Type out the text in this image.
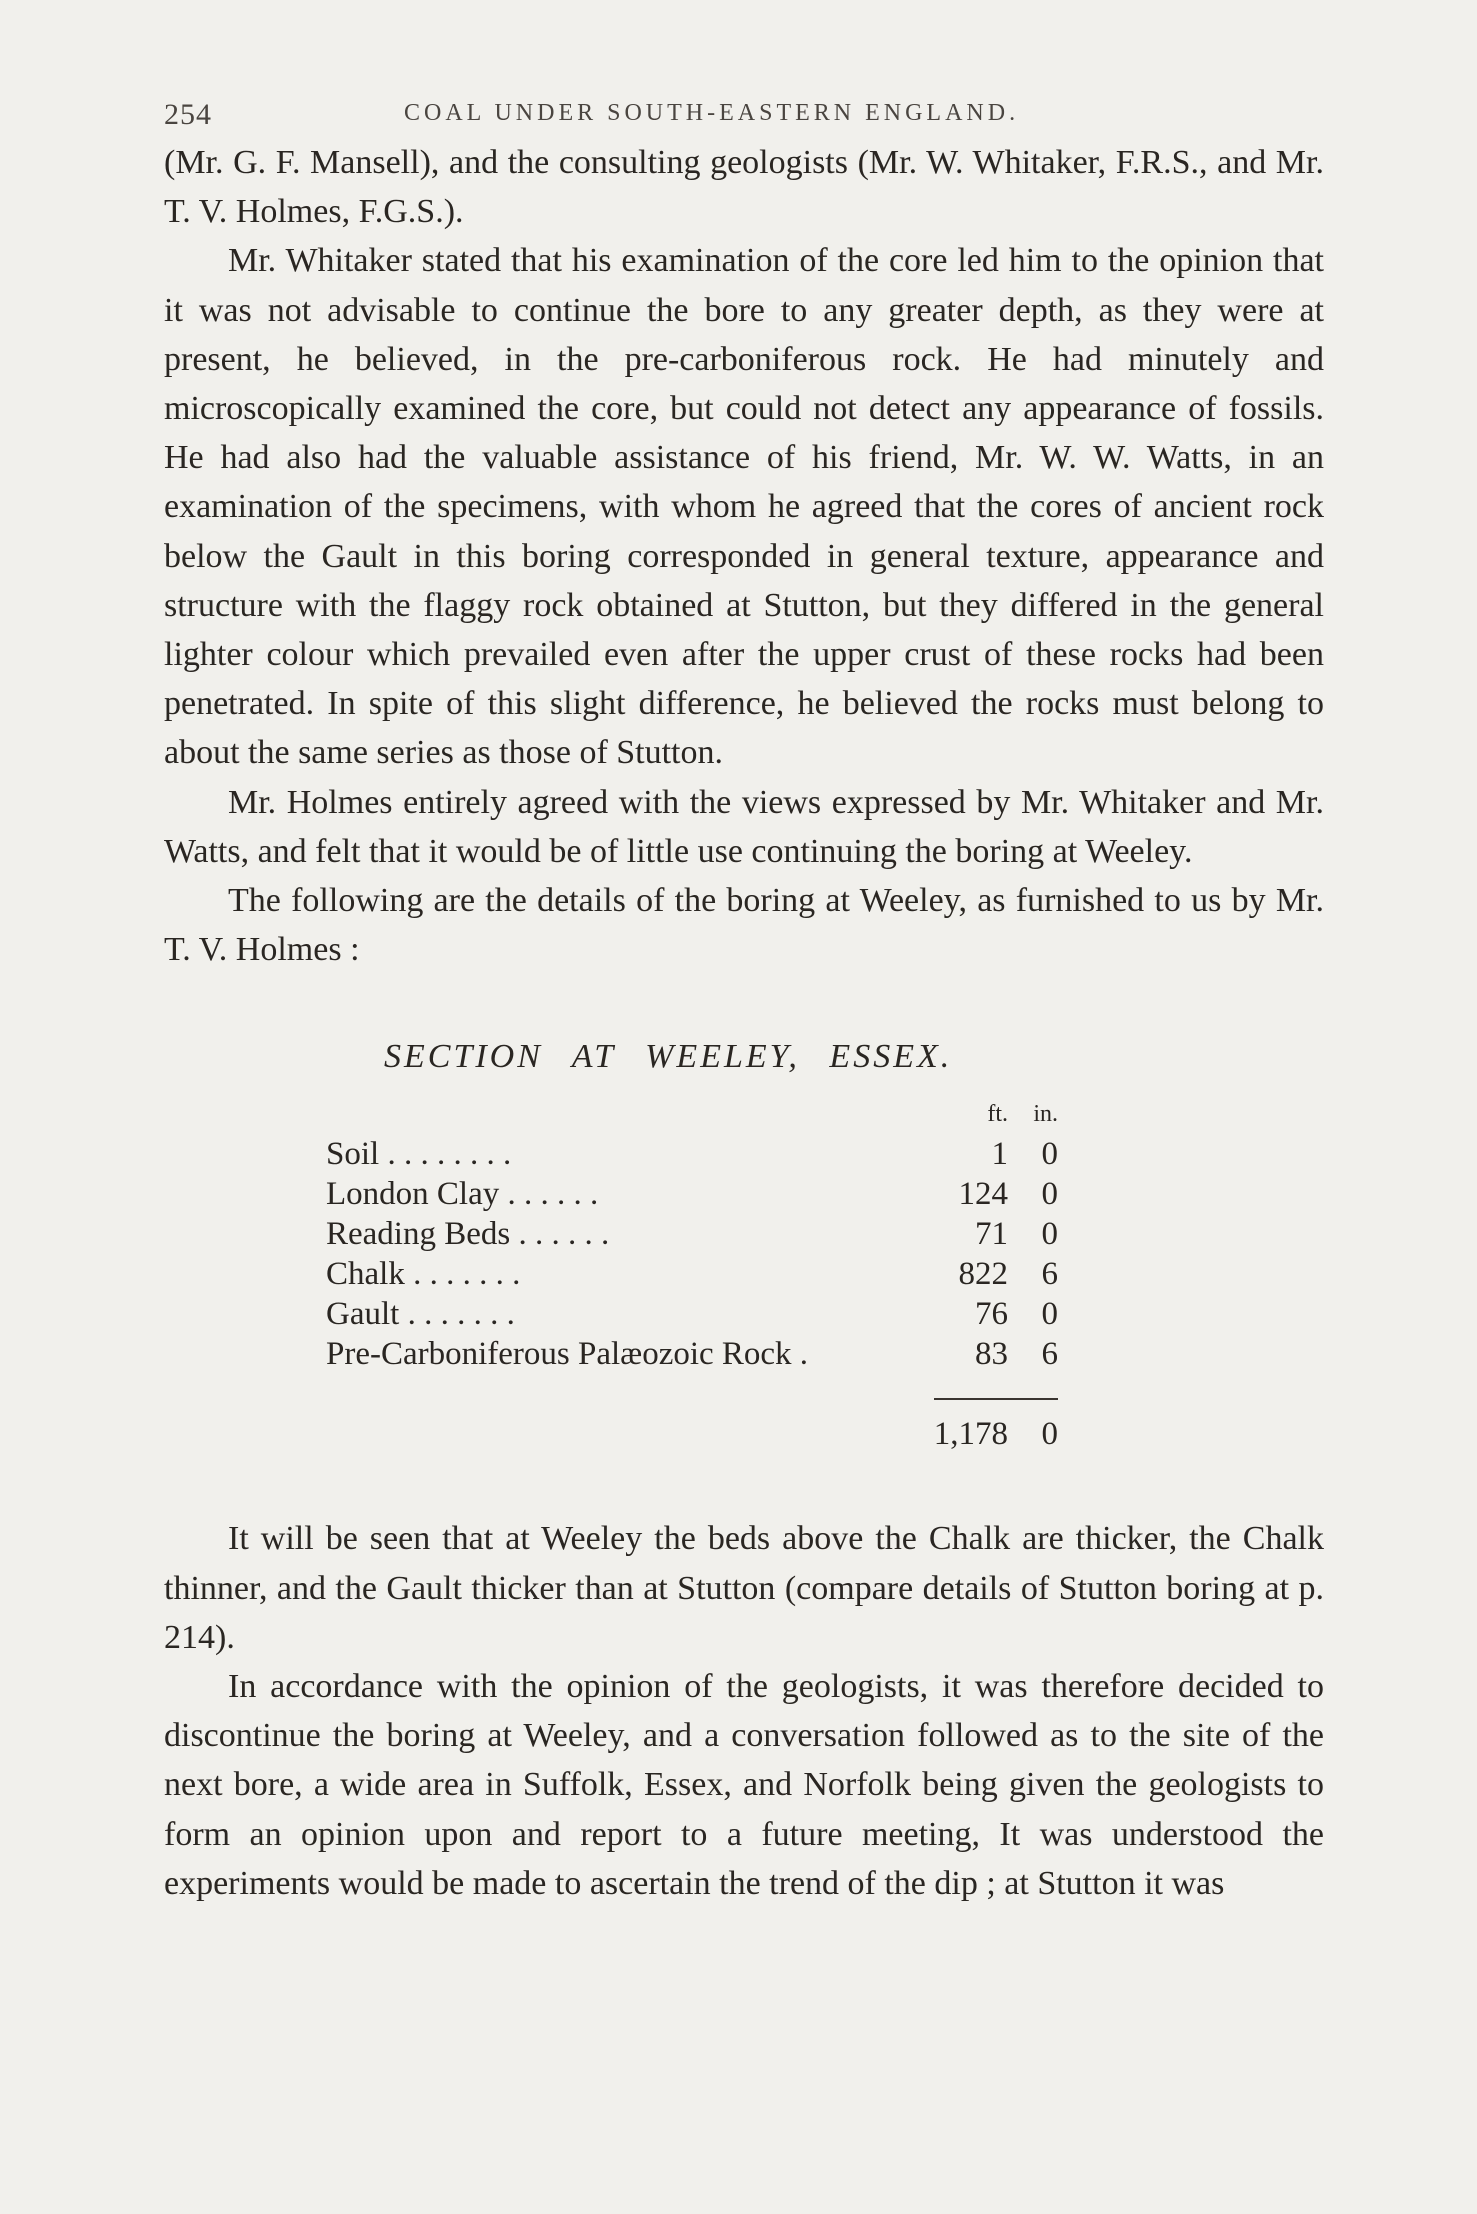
254	COAL UNDER SOUTH-EASTERN ENGLAND.

(Mr. G. F. Mansell), and the consulting geologists (Mr. W. Whitaker, F.R.S., and Mr. T. V. Holmes, F.G.S.).

Mr. Whitaker stated that his examination of the core led him to the opinion that it was not advisable to continue the bore to any greater depth, as they were at present, he believed, in the pre-carboniferous rock. He had minutely and microscopically examined the core, but could not detect any appearance of fossils. He had also had the valuable assistance of his friend, Mr. W. W. Watts, in an examination of the specimens, with whom he agreed that the cores of ancient rock below the Gault in this boring corresponded in general texture, appearance and structure with the flaggy rock obtained at Stutton, but they differed in the general lighter colour which prevailed even after the upper crust of these rocks had been penetrated. In spite of this slight difference, he believed the rocks must belong to about the same series as those of Stutton.

Mr. Holmes entirely agreed with the views expressed by Mr. Whitaker and Mr. Watts, and felt that it would be of little use continuing the boring at Weeley.

The following are the details of the boring at Weeley, as furnished to us by Mr. T. V. Holmes :

SECTION AT WEELEY, ESSEX.
	ft.	in.
Soil . . . . . . . .	1	0
London Clay . . . . . .	124	0
Reading Beds . . . . . .	71	0
Chalk . . . . . . .	822	6
Gault . . . . . . .	76	0
Pre-Carboniferous Palæozoic Rock .	83	6

	1,178	0

It will be seen that at Weeley the beds above the Chalk are thicker, the Chalk thinner, and the Gault thicker than at Stutton (compare details of Stutton boring at p. 214).

In accordance with the opinion of the geologists, it was therefore decided to discontinue the boring at Weeley, and a conversation followed as to the site of the next bore, a wide area in Suffolk, Essex, and Norfolk being given the geologists to form an opinion upon and report to a future meeting, It was understood the experiments would be made to ascertain the trend of the dip ; at Stutton it was
